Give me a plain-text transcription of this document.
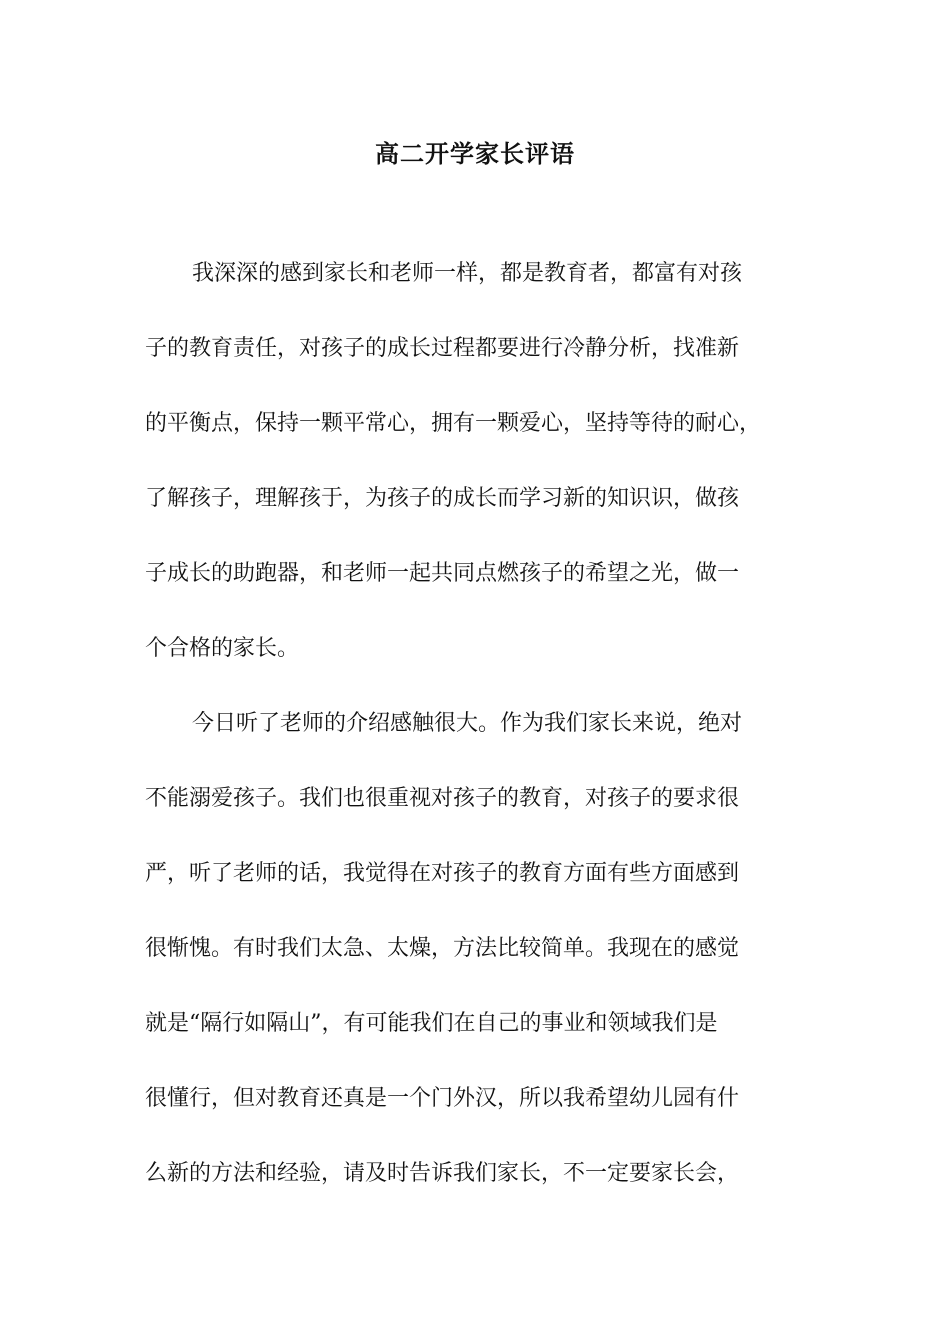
高二开学家长评语
我深深的感到家长和老师一样，都是教育者，都富有对孩
子的教育责任，对孩子的成长过程都要进行冷静分析，找准新
的平衡点，保持一颗平常心，拥有一颗爱心，坚持等待的耐心，
了解孩子，理解孩于，为孩子的成长而学习新的知识识，做孩
子成长的助跑器，和老师一起共同点燃孩子的希望之光，做一
个合格的家长。
今日听了老师的介绍感触很大。作为我们家长来说，绝对
不能溺爱孩子。我们也很重视对孩子的教育，对孩子的要求很
严，听了老师的话，我觉得在对孩子的教育方面有些方面感到
很惭愧。有时我们太急、太燥，方法比较简单。我现在的感觉
就是“隔行如隔山”，有可能我们在自己的事业和领域我们是
很懂行，但对教育还真是一个门外汉，所以我希望幼儿园有什
么新的方法和经验，请及时告诉我们家长，不一定要家长会，
